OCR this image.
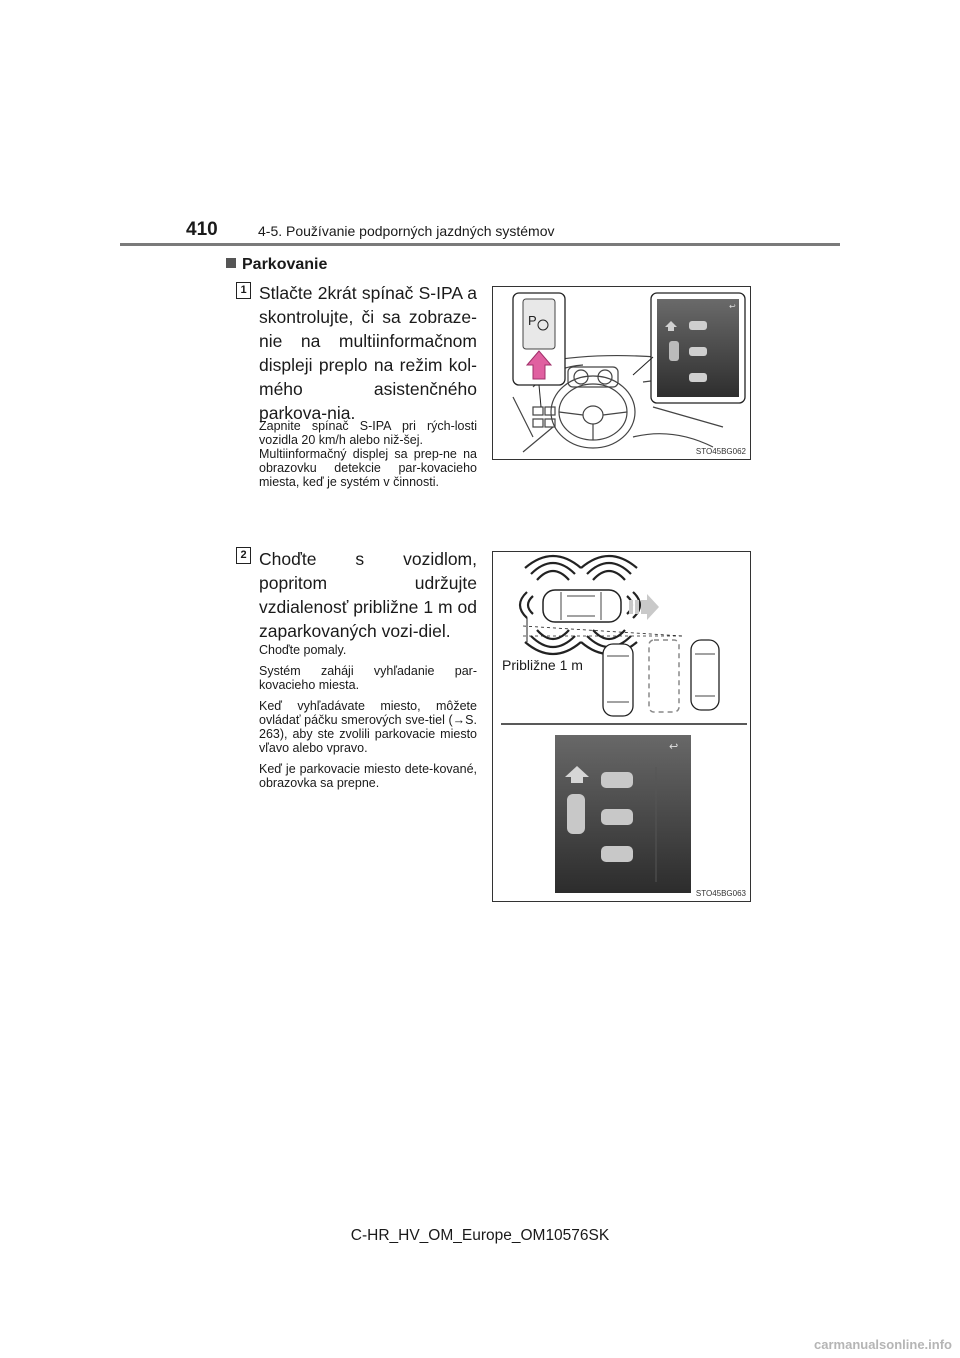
410	4-5. Používanie podporných jazdných systémov
Parkovanie
1 Stlačte 2krát spínač S-IPA a skontrolujte, či sa zobraze-nie na multiinformačnom displeji preplo na režim kol-mého asistenčného parkova-nia.

Zapnite spínač S-IPA pri rých-losti vozidla 20 km/h alebo niž-šej.

Multiinformačný displej sa prep-ne na obrazovku detekcie par-kovacieho miesta, keď je systém v činnosti.

P
↩
STO45BG062
2 Choďte s vozidlom, popritom udržujte vzdialenosť približne 1 m od zaparkovaných vozi-diel.

Choďte pomaly.

Systém zaháji vyhľadanie par-kovacieho miesta.

Keď vyhľadávate miesto, môžete ovládať páčku smerových sve-tiel (→S. 263), aby ste zvolili parkovacie miesto vľavo alebo vpravo.

Keď je parkovacie miesto dete-kované, obrazovka sa prepne.

↩
Približne 1 m
STO45BG063
C-HR_HV_OM_Europe_OM10576SK
carmanualsonline.info
